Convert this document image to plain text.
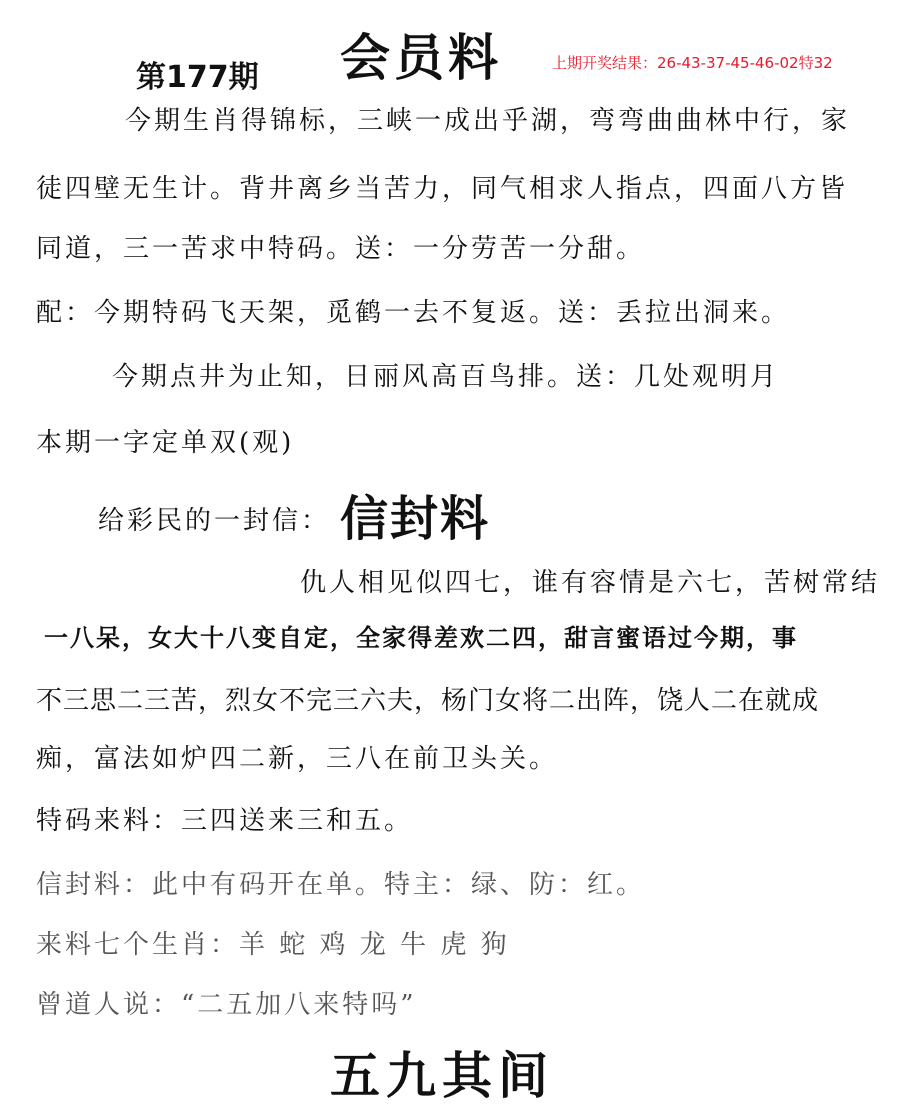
第177期 会员料	上期开奖结果：26-43-37-45-46-02特32
今期生肖得锦标，三峡一成出乎湖，弯弯曲曲林中行，家
徒四壁无生计。背井离乡当苦力，同气相求人指点，四面八方皆
同道，三一苦求中特码。送：一分劳苦一分甜。
配：今期特码飞天架，觅鹤一去不复返。送：丢拉出洞来。
今期点井为止知，日丽风高百鸟排。送：几处观明月
本期一字定单双(观)
给彩民的一封信： 信封料
仇人相见似四七，谁有容情是六七，苦树常结
一八呆，女大十八变自定，全家得差欢二四，甜言蜜语过今期，事
不三思二三苦，烈女不完三六夫，杨门女将二出阵，饶人二在就成
痴，富法如炉四二新，三八在前卫头关。
特码来料：三四送来三和五。
信封料：此中有码开在单。特主：绿、防：红。
来料七个生肖：羊 蛇 鸡 龙 牛 虎 狗
曾道人说：“二五加八来特吗”
五九其间
